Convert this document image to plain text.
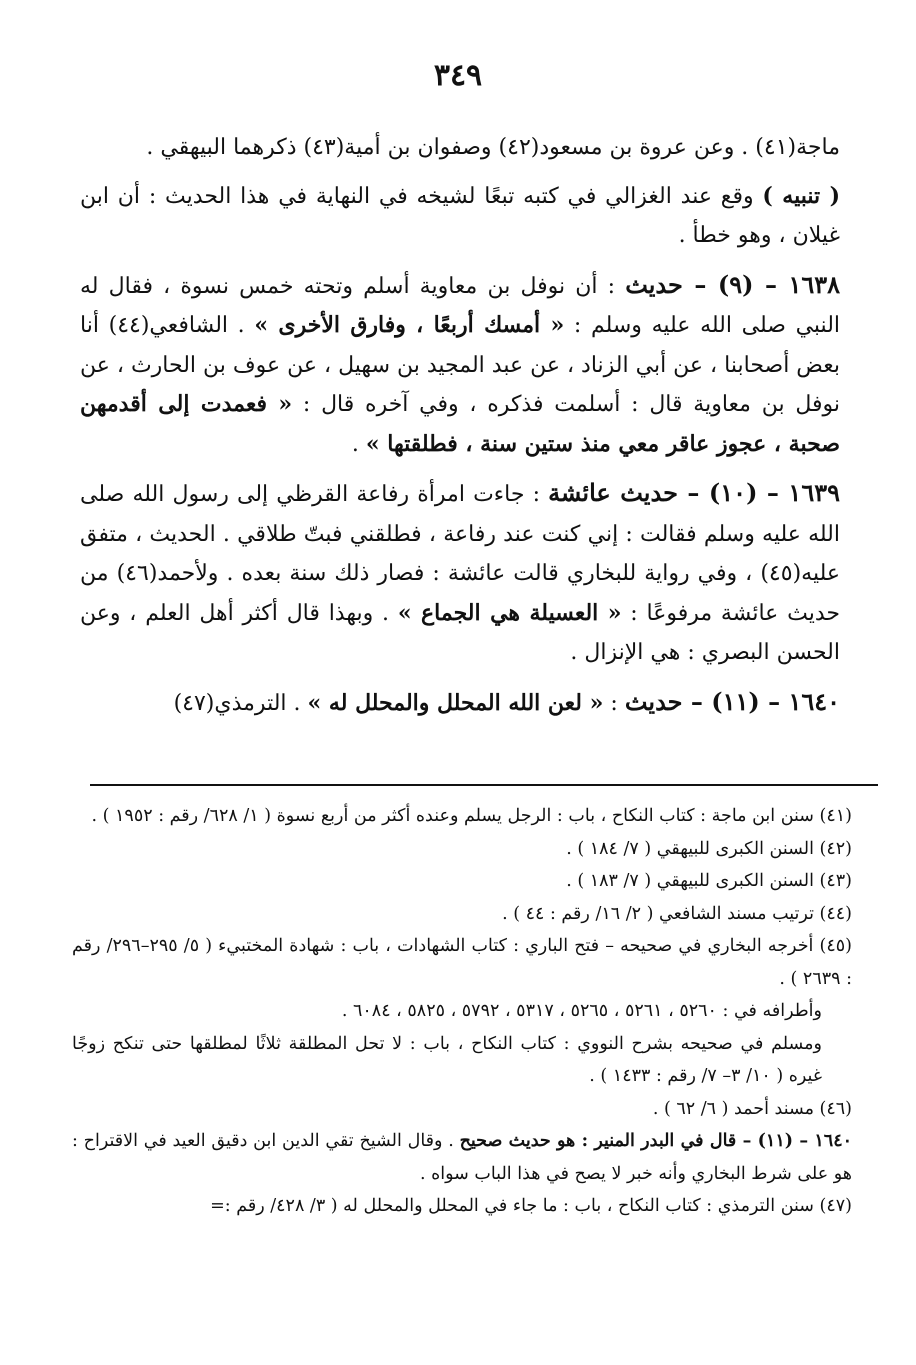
٣٤٩

ماجة(٤١) . وعن عروة بن مسعود(٤٢) وصفوان بن أمية(٤٣) ذكرهما البيهقي .

( تنبيه ) وقع عند الغزالي في كتبه تبعًا لشيخه في النهاية في هذا الحديث : أن ابن غيلان ، وهو خطأ .

١٦٣٨ – (٩) – حديث : أن نوفل بن معاوية أسلم وتحته خمس نسوة ، فقال له النبي صلى الله عليه وسلم : « أمسك أربعًا ، وفارق الأخرى » . الشافعي(٤٤) أنا بعض أصحابنا ، عن أبي الزناد ، عن عبد المجيد بن سهيل ، عن عوف بن الحارث ، عن نوفل بن معاوية قال : أسلمت فذكره ، وفي آخره قال : « فعمدت إلى أقدمهن صحبة ، عجوز عاقر معي منذ ستين سنة ، فطلقتها » .

١٦٣٩ – (١٠) – حديث عائشة : جاءت امرأة رفاعة القرظي إلى رسول الله صلى الله عليه وسلم فقالت : إني كنت عند رفاعة ، فطلقني فبتّ طلاقي . الحديث ، متفق عليه(٤٥) ، وفي رواية للبخاري قالت عائشة : فصار ذلك سنة بعده . ولأحمد(٤٦) من حديث عائشة مرفوعًا : « العسيلة هي الجماع » . وبهذا قال أكثر أهل العلم ، وعن الحسن البصري : هي الإنزال .

١٦٤٠ – (١١) – حديث : « لعن الله المحلل والمحلل له » . الترمذي(٤٧)

(٤١) سنن ابن ماجة : كتاب النكاح ، باب : الرجل يسلم وعنده أكثر من أربع نسوة ( ١/ ٦٢٨/ رقم : ١٩٥٢ ) .

(٤٢) السنن الكبرى للبيهقي ( ٧/ ١٨٤ ) .

(٤٣) السنن الكبرى للبيهقي ( ٧/ ١٨٣ ) .

(٤٤) ترتيب مسند الشافعي ( ٢/ ١٦/ رقم : ٤٤ ) .

(٤٥) أخرجه البخاري في صحيحه – فتح الباري : كتاب الشهادات ، باب : شهادة المختبيء ( ٥/ ٢٩٥–٢٩٦/ رقم : ٢٦٣٩ ) .

وأطرافه في : ٥٢٦٠ ، ٥٢٦١ ، ٥٢٦٥ ، ٥٣١٧ ، ٥٧٩٢ ، ٥٨٢٥ ، ٦٠٨٤ .

ومسلم في صحيحه بشرح النووي : كتاب النكاح ، باب : لا تحل المطلقة ثلاثًا لمطلقها حتى تنكح زوجًا غيره ( ١٠/ ٣– ٧/ رقم : ١٤٣٣ ) .

(٤٦) مسند أحمد ( ٦/ ٦٢ ) .

١٦٤٠ – (١١) – قال في البدر المنير : هو حديث صحيح . وقال الشيخ تقي الدين ابن دقيق العيد في الاقتراح : هو على شرط البخاري وأنه خبر لا يصح في هذا الباب سواه .

(٤٧) سنن الترمذي : كتاب النكاح ، باب : ما جاء في المحلل والمحلل له ( ٣/ ٤٢٨/ رقم :=
